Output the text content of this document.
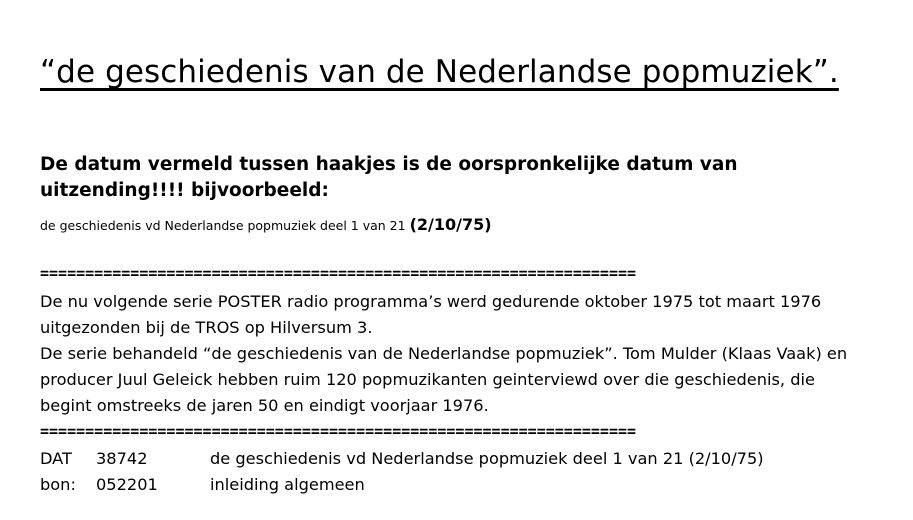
“de geschiedenis van de Nederlandse popmuziek”.

De datum vermeld tussen haakjes is de oorspronkelijke datum van uitzending!!!! bijvoorbeeld:

de geschiedenis vd Nederlandse popmuziek deel 1 van 21 (2/10/75)

==================================================================

De nu volgende serie POSTER radio programma’s werd gedurende oktober 1975 tot maart 1976 uitgezonden bij de TROS op Hilversum 3.

De serie behandeld “de geschiedenis van de Nederlandse popmuziek”. Tom Mulder (Klaas Vaak) en producer Juul Geleick hebben ruim 120 popmuzikanten geinterviewd over die geschiedenis, die begint omstreeks de jaren 50 en eindigt voorjaar 1976.

==================================================================
DAT 38742	de geschiedenis vd Nederlandse popmuziek deel 1 van 21 (2/10/75)
bon: 052201	inleiding algemeen
